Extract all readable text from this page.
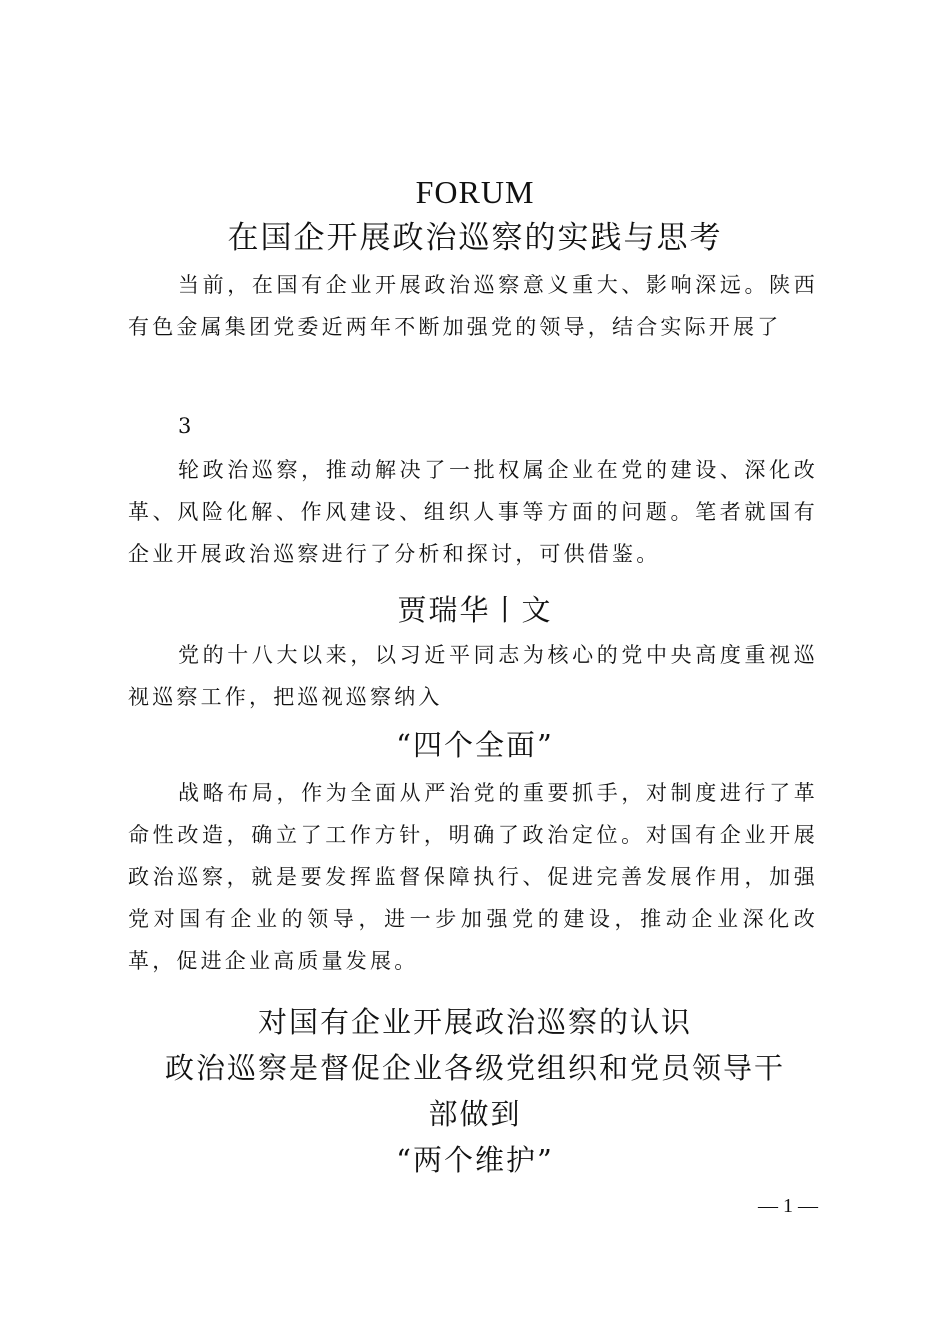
FORUM
在国企开展政治巡察的实践与思考

当前，在国有企业开展政治巡察意义重大、影响深远。陕西有色金属集团党委近两年不断加强党的领导，结合实际开展了

3

轮政治巡察，推动解决了一批权属企业在党的建设、深化改革、风险化解、作风建设、组织人事等方面的问题。笔者就国有企业开展政治巡察进行了分析和探讨，可供借鉴。

贾瑞华丨文

党的十八大以来，以习近平同志为核心的党中央高度重视巡视巡察工作，把巡视巡察纳入

“四个全面”

战略布局，作为全面从严治党的重要抓手，对制度进行了革命性改造，确立了工作方针，明确了政治定位。对国有企业开展政治巡察，就是要发挥监督保障执行、促进完善发展作用，加强党对国有企业的领导，进一步加强党的建设，推动企业深化改革，促进企业高质量发展。

对国有企业开展政治巡察的认识
政治巡察是督促企业各级党组织和党员领导干
部做到
“两个维护”
— 1 —
